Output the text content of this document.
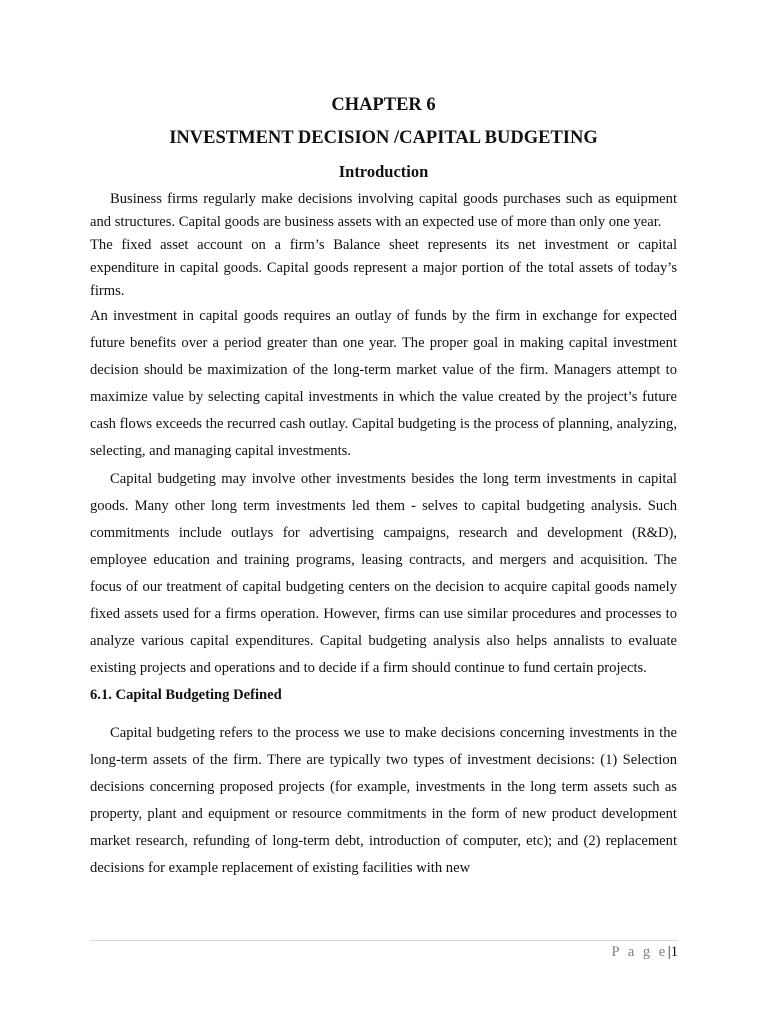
CHAPTER 6
INVESTMENT DECISION /CAPITAL BUDGETING
Introduction

Business firms regularly make decisions involving capital goods purchases such as equipment and structures. Capital goods are business assets with an expected use of more than only one year.

The fixed asset account on a firm’s Balance sheet represents its net investment or capital expenditure in capital goods. Capital goods represent a major portion of the total assets of today’s firms.

An investment in capital goods requires an outlay of funds by the firm in exchange for expected future benefits over a period greater than one year. The proper goal in making capital investment decision should be maximization of the long-term market value of the firm. Managers attempt to maximize value by selecting capital investments in which the value created by the project’s future cash flows exceeds the recurred cash outlay. Capital budgeting is the process of planning, analyzing, selecting, and managing capital investments.

Capital budgeting may involve other investments besides the long term investments in capital goods. Many other long term investments led them - selves to capital budgeting analysis. Such commitments include outlays for advertising campaigns, research and development (R&D), employee education and training programs, leasing contracts, and mergers and acquisition. The focus of our treatment of capital budgeting centers on the decision to acquire capital goods namely fixed assets used for a firms operation. However, firms can use similar procedures and processes to analyze various capital expenditures. Capital budgeting analysis also helps annalists to evaluate existing projects and operations and to decide if a firm should continue to fund certain projects.

6.1. Capital Budgeting Defined

Capital budgeting refers to the process we use to make decisions concerning investments in the long-term assets of the firm. There are typically two types of investment decisions: (1) Selection decisions concerning proposed projects (for example, investments in the long term assets such as property, plant and equipment or resource commitments in the form of new product development market research, refunding of long-term debt, introduction of computer, etc); and (2) replacement decisions for example replacement of existing facilities with new

P a g e|1
